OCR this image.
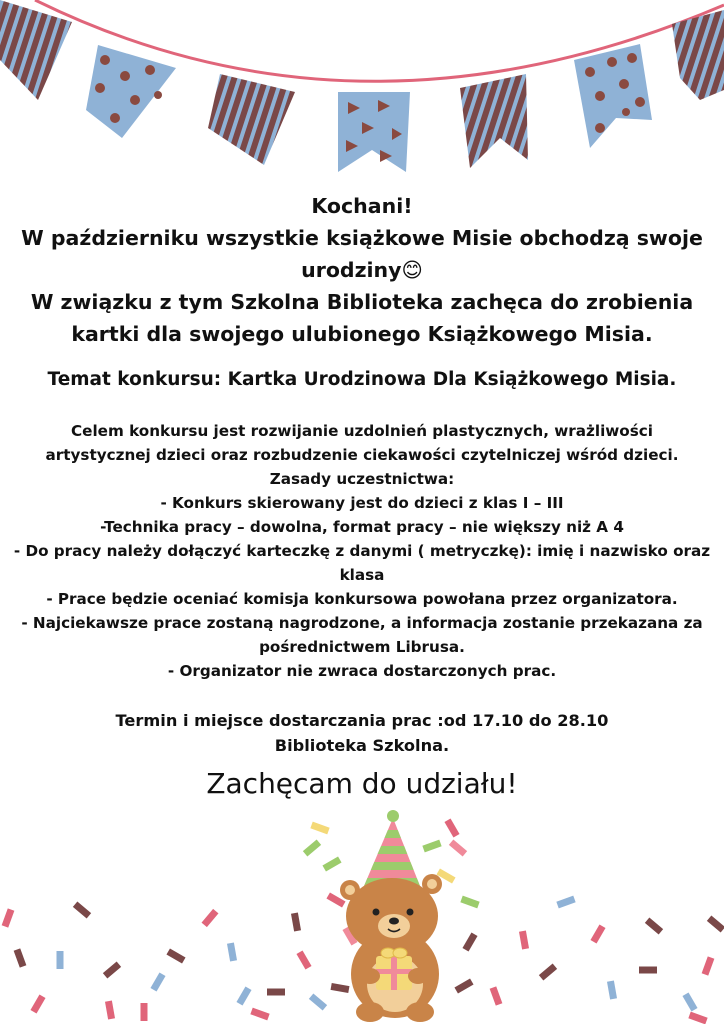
Kochani!
W październiku wszystkie książkowe Misie obchodzą swoje
urodziny😊
W związku z tym Szkolna Biblioteka zachęca do zrobienia
kartki dla swojego ulubionego Książkowego Misia.
Temat konkursu: Kartka Urodzinowa Dla Książkowego Misia.
Celem konkursu jest rozwijanie uzdolnień plastycznych, wrażliwości
artystycznej dzieci oraz rozbudzenie ciekawości czytelniczej wśród dzieci.
Zasady uczestnictwa:
- Konkurs skierowany jest do dzieci z klas I – III
-Technika pracy – dowolna, format pracy – nie większy niż A 4
- Do pracy należy dołączyć karteczkę z danymi ( metryczkę): imię i nazwisko oraz
klasa
- Prace będzie oceniać komisja konkursowa powołana przez organizatora.
- Najciekawsze prace zostaną nagrodzone, a informacja zostanie przekazana za
pośrednictwem Librusa.
- Organizator nie zwraca dostarczonych prac.
Termin i miejsce dostarczania prac :od 17.10 do 28.10
Biblioteka Szkolna.
Zachęcam do udziału!
